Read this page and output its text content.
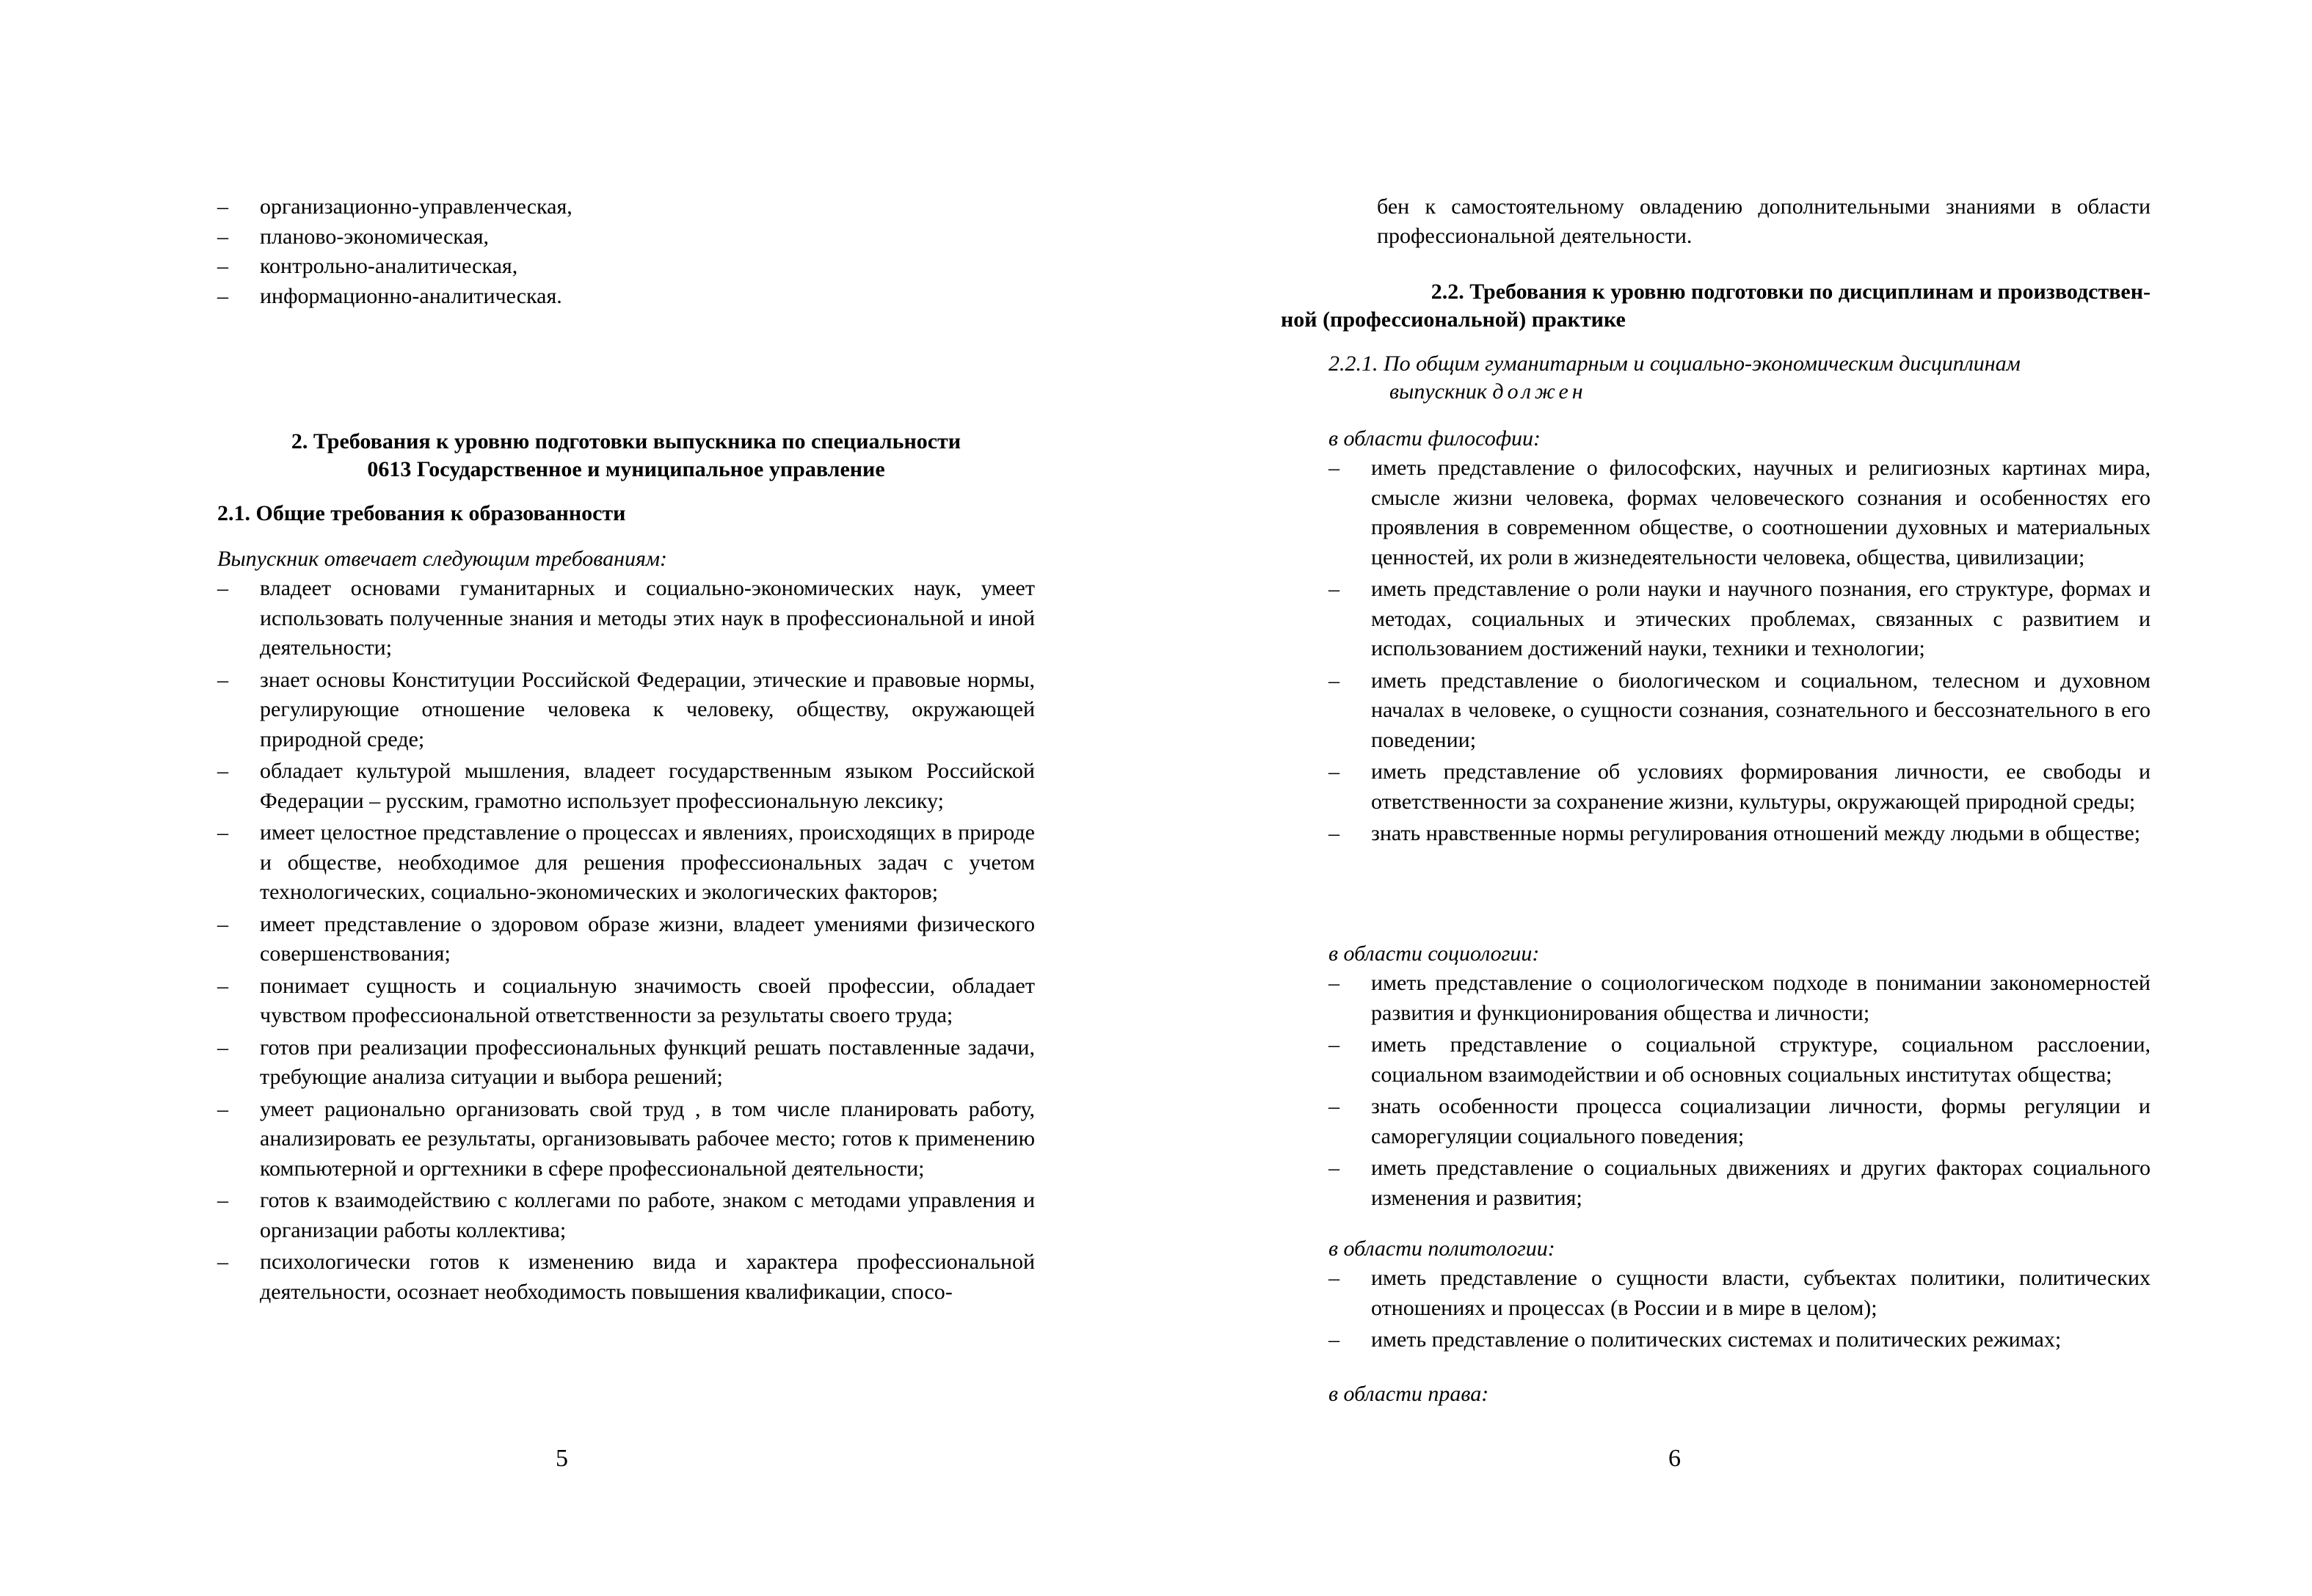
– организационно-управленческая,
– планово-экономическая,
– контрольно-аналитическая,
– информационно-аналитическая.
2. Требования к уровню подготовки выпускника по специальности
0613 Государственное и муниципальное управление
2.1. Общие требования к образованности
Выпускник отвечает следующим требованиям:
– владеет основами гуманитарных и социально-экономических наук, умеет использовать полученные знания и методы этих наук в профессиональной и иной деятельности;
– знает основы Конституции Российской Федерации, этические и правовые нормы, регулирующие отношение человека к человеку, обществу, окружающей природной среде;
– обладает культурой мышления, владеет государственным языком Российской Федерации – русским, грамотно использует профессиональную лексику;
– имеет целостное представление о процессах и явлениях, происходящих в природе и обществе, необходимое для решения профессиональных задач с учетом технологических, социально-экономических и экологических факторов;
– имеет представление о здоровом образе жизни, владеет умениями физического совершенствования;
– понимает сущность и социальную значимость своей профессии, обладает чувством профессиональной ответственности за результаты своего труда;
– готов при реализации профессиональных функций решать поставленные задачи, требующие анализа ситуации и выбора решений;
– умеет рационально организовать свой труд , в том числе планировать работу, анализировать ее результаты, организовывать рабочее место; готов к применению компьютерной и оргтехники в сфере профессиональной деятельности;
– готов к взаимодействию с коллегами по работе, знаком с методами управления и организации работы коллектива;
– психологически готов к изменению вида и характера профессиональной деятельности, осознает необходимость повышения квалификации, спосо-
5
бен к самостоятельному овладению дополнительными знаниями в области профессиональной деятельности.
2.2. Требования к уровню подготовки по дисциплинам и производствен-
ной (профессиональной) практике
2.2.1. По общим гуманитарным и социально-экономическим дисциплинам
выпускник должен
в области философии:
– иметь представление о философских, научных и религиозных картинах мира, смысле жизни человека, формах человеческого сознания и особенностях его проявления в современном обществе, о соотношении духовных и материальных ценностей, их роли в жизнедеятельности человека, общества, цивилизации;
– иметь представление о роли науки и научного познания, его структуре, формах и методах, социальных и этических проблемах, связанных с развитием и использованием достижений науки, техники и технологии;
– иметь представление о биологическом и социальном, телесном и духовном началах в человеке, о сущности сознания, сознательного и бессознательного в его поведении;
– иметь представление об условиях формирования личности, ее свободы и ответственности за сохранение жизни, культуры, окружающей природной среды;
– знать нравственные нормы регулирования отношений между людьми в обществе;
в области социологии:
– иметь представление о социологическом подходе в понимании закономерностей развития и функционирования общества и личности;
– иметь представление о социальной структуре, социальном расслоении, социальном взаимодействии и об основных социальных институтах общества;
– знать особенности процесса социализации личности, формы регуляции и саморегуляции социального поведения;
– иметь представление о социальных движениях и других факторах социального изменения и развития;
в области политологии:
– иметь представление о сущности власти, субъектах политики, политических отношениях и процессах (в России и в мире в целом);
– иметь представление о политических системах и политических режимах;
в области права:
6
